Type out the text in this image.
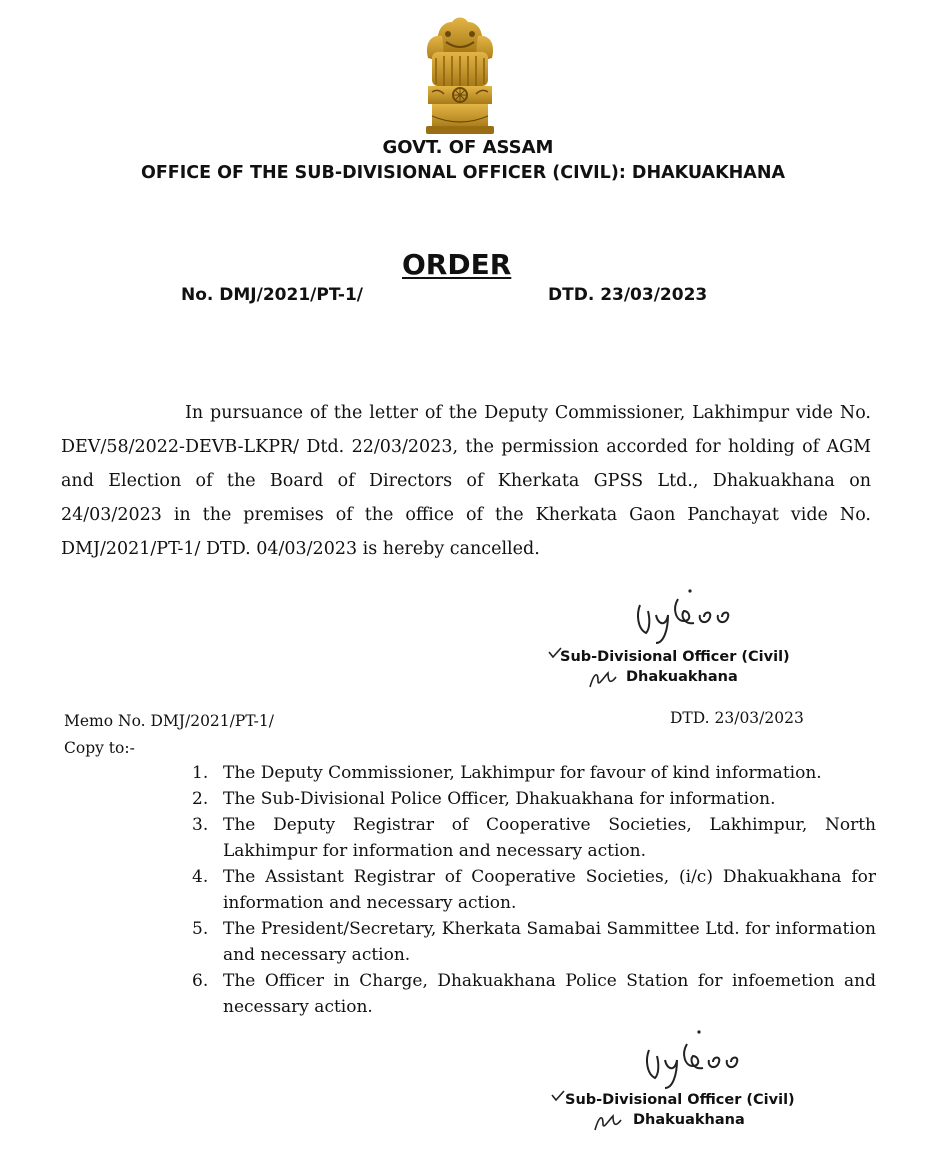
GOVT. OF ASSAM
OFFICE OF THE SUB-DIVISIONAL OFFICER (CIVIL): DHAKUAKHANA
ORDER
No. DMJ/2021/PT-1/	DTD. 23/03/2023
In pursuance of the letter of the Deputy Commissioner, Lakhimpur vide No. DEV/58/2022-DEVB-LKPR/ Dtd. 22/03/2023, the permission accorded for holding of AGM and Election of the Board of Directors of Kherkata GPSS Ltd., Dhakuakhana on 24/03/2023 in the premises of the office of the Kherkata Gaon Panchayat vide No. DMJ/2021/PT-1/ DTD. 04/03/2023 is hereby cancelled.
Sub-Divisional Officer (Civil)
Dhakuakhana
Memo No. DMJ/2021/PT-1/	DTD. 23/03/2023
Copy to:-
1. The Deputy Commissioner, Lakhimpur for favour of kind information.
2. The Sub-Divisional Police Officer, Dhakuakhana for information.
3. The Deputy Registrar of Cooperative Societies, Lakhimpur, North Lakhimpur for information and necessary action.
4. The Assistant Registrar of Cooperative Societies, (i/c) Dhakuakhana for information and necessary action.
5. The President/Secretary, Kherkata Samabai Sammittee Ltd. for information and necessary action.
6. The Officer in Charge, Dhakuakhana Police Station for infoemetion and necessary action.
Sub-Divisional Officer (Civil)
Dhakuakhana
